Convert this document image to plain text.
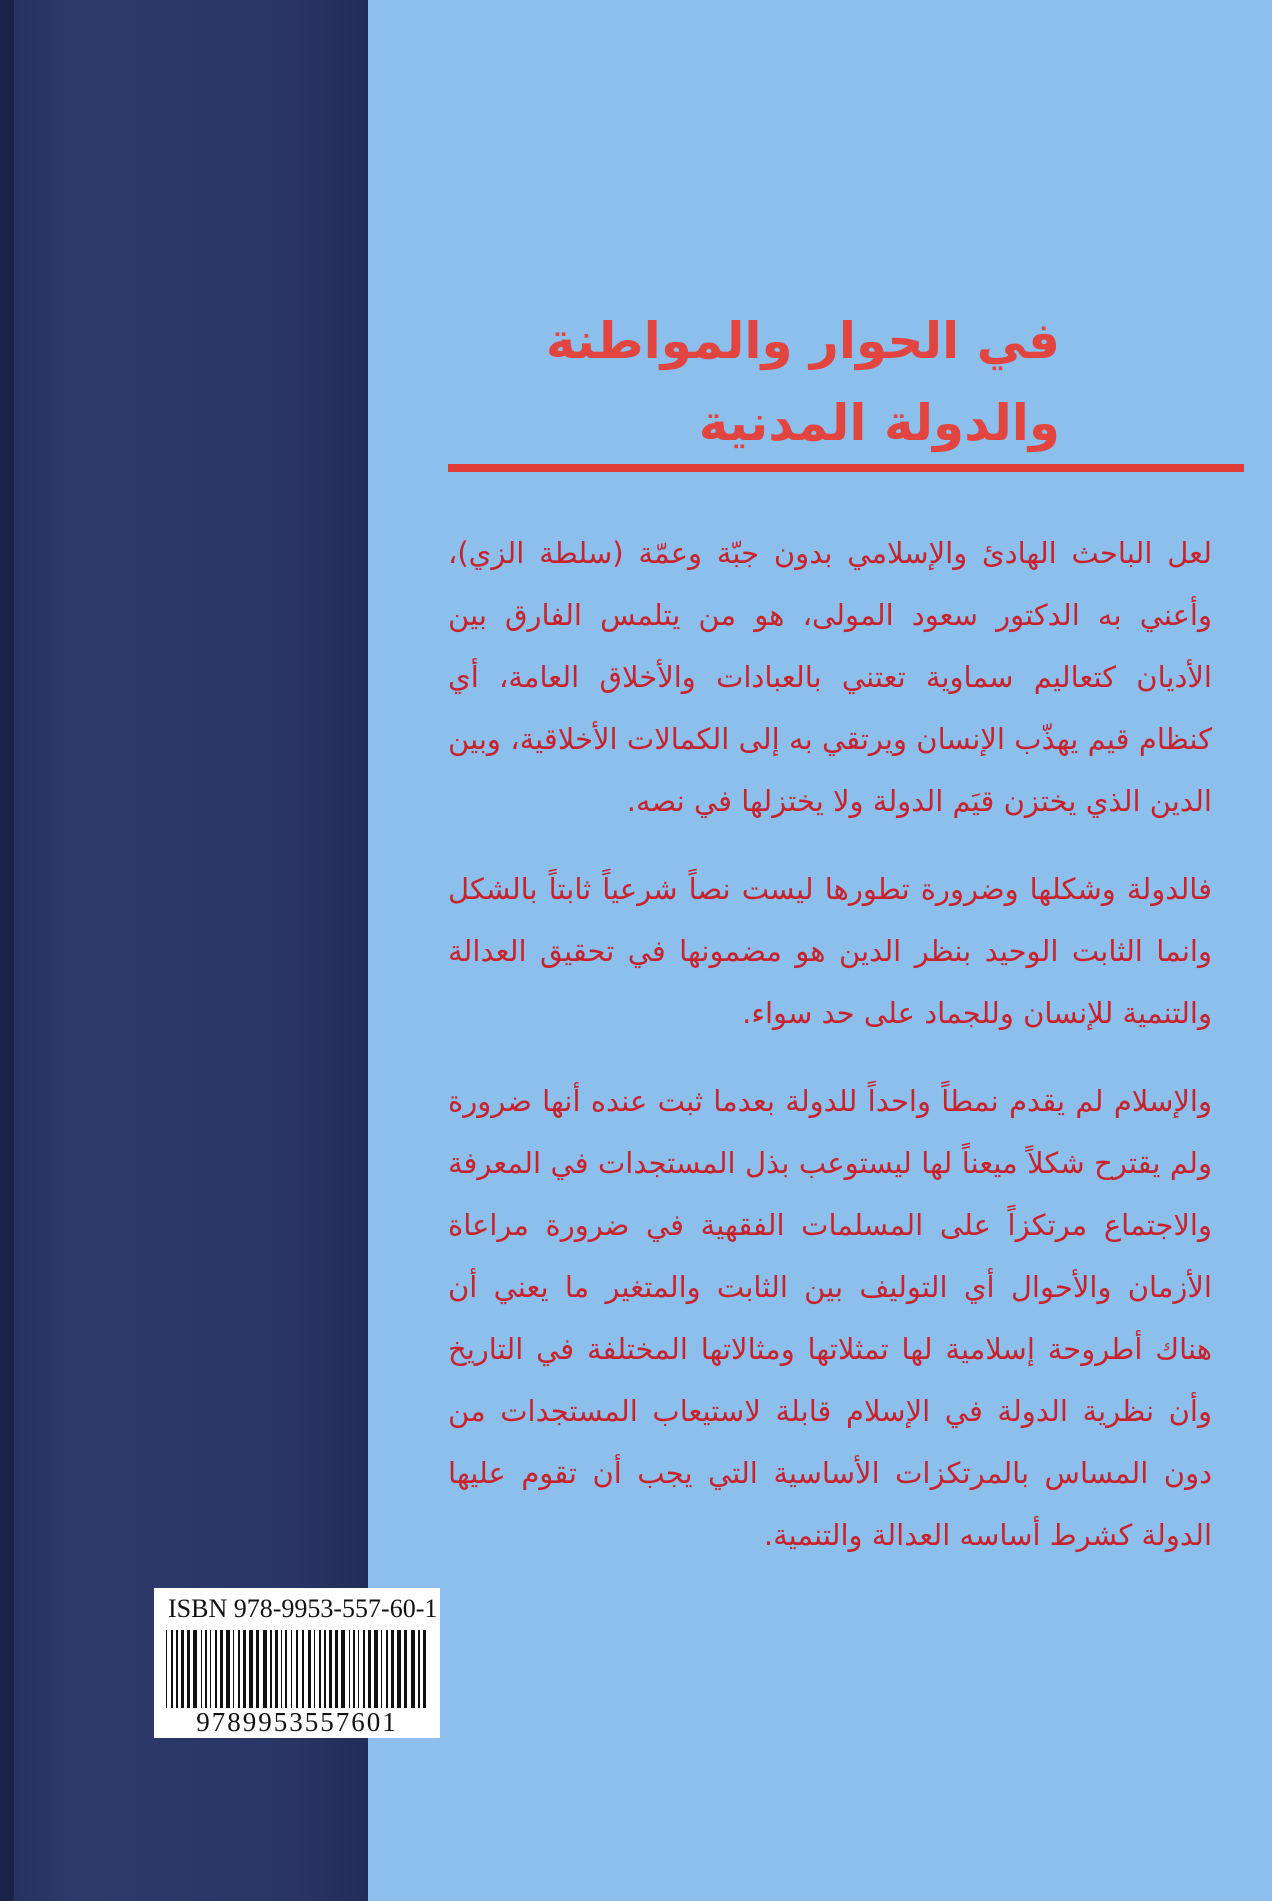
في الحوار والمواطنة
والدولة المدنية

لعل الباحث الهادئ والإسلامي بدون جبّة وعمّة (سلطة الزي)، وأعني به الدكتور سعود المولى، هو من يتلمس الفارق بين الأديان كتعاليم سماوية تعتني بالعبادات والأخلاق العامة، أي كنظام قيم يهذّب الإنسان ويرتقي به إلى الكمالات الأخلاقية، وبين الدين الذي يختزن قيَم الدولة ولا يختزلها في نصه.

فالدولة وشكلها وضرورة تطورها ليست نصاً شرعياً ثابتاً بالشكل وانما الثابت الوحيد بنظر الدين هو مضمونها في تحقيق العدالة والتنمية للإنسان وللجماد على حد سواء.

والإسلام لم يقدم نمطاً واحداً للدولة بعدما ثبت عنده أنها ضرورة ولم يقترح شكلاً ميعناً لها ليستوعب بذل المستجدات في المعرفة والاجتماع مرتكزاً على المسلمات الفقهية في ضرورة مراعاة الأزمان والأحوال أي التوليف بين الثابت والمتغير ما يعني أن هناك أطروحة إسلامية لها تمثلاتها ومثالاتها المختلفة في التاريخ وأن نظرية الدولة في الإسلام قابلة لاستيعاب المستجدات من دون المساس بالمرتكزات الأساسية التي يجب أن تقوم عليها الدولة كشرط أساسه العدالة والتنمية.

ISBN 978-9953-557-60-1
9789953557601
